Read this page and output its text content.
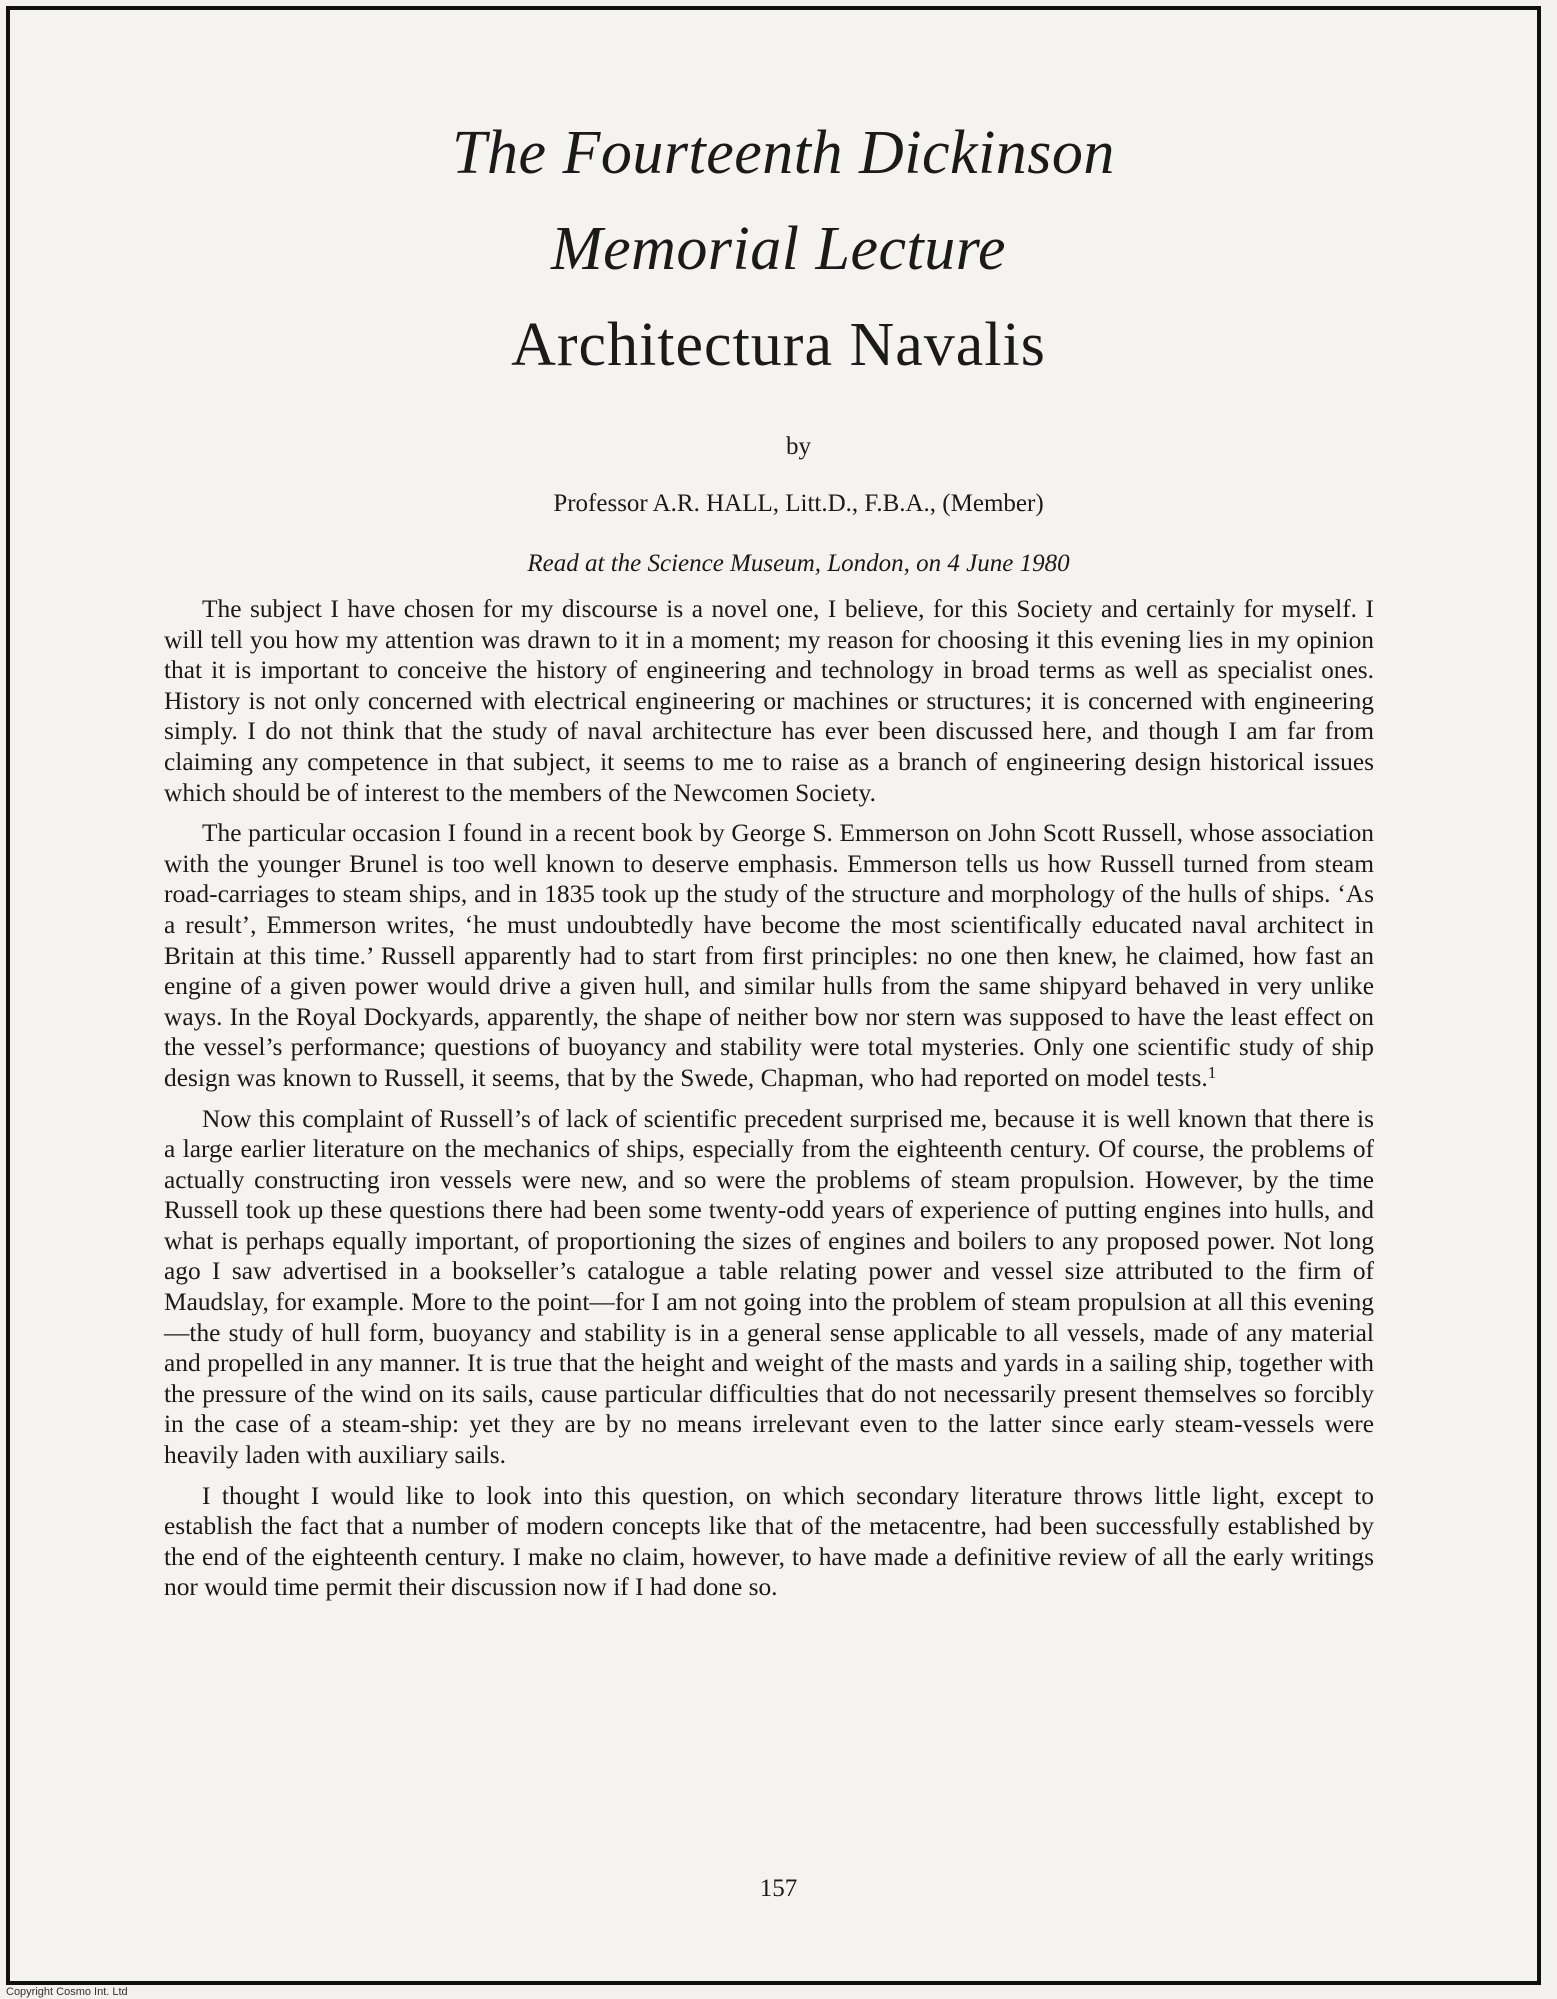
The Fourteenth Dickinson
Memorial Lecture
Architectura Navalis
by
Professor A.R. HALL, Litt.D., F.B.A., (Member)
Read at the Science Museum, London, on 4 June 1980

The subject I have chosen for my discourse is a novel one, I believe, for this Society and certainly for myself. I will tell you how my attention was drawn to it in a moment; my reason for choosing it this evening lies in my opinion that it is important to conceive the history of engineering and technology in broad terms as well as specialist ones. History is not only concerned with electrical engineering or machines or structures; it is concerned with engineering simply. I do not think that the study of naval architecture has ever been discussed here, and though I am far from claiming any competence in that subject, it seems to me to raise as a branch of engineering design historical issues which should be of interest to the members of the Newcomen Society.

The particular occasion I found in a recent book by George S. Emmerson on John Scott Russell, whose association with the younger Brunel is too well known to deserve emphasis. Emmerson tells us how Russell turned from steam road-carriages to steam ships, and in 1835 took up the study of the structure and morphology of the hulls of ships. ‘As a result’, Emmerson writes, ‘he must undoubtedly have become the most scientifically educated naval architect in Britain at this time.’ Russell apparently had to start from first principles: no one then knew, he claimed, how fast an engine of a given power would drive a given hull, and similar hulls from the same shipyard behaved in very unlike ways. In the Royal Dockyards, apparently, the shape of neither bow nor stern was supposed to have the least effect on the vessel’s performance; questions of buoyancy and stability were total mysteries. Only one scientific study of ship design was known to Russell, it seems, that by the Swede, Chapman, who had reported on model tests.$^1$

Now this complaint of Russell’s of lack of scientific precedent surprised me, because it is well known that there is a large earlier literature on the mechanics of ships, especially from the eighteenth century. Of course, the problems of actually constructing iron vessels were new, and so were the problems of steam propulsion. However, by the time Russell took up these questions there had been some twenty-odd years of experience of putting engines into hulls, and what is perhaps equally important, of proportioning the sizes of engines and boilers to any proposed power. Not long ago I saw advertised in a bookseller’s catalogue a table relating power and vessel size attributed to the firm of Maudslay, for example. More to the point—for I am not going into the problem of steam propulsion at all this evening—the study of hull form, buoyancy and stability is in a general sense applicable to all vessels, made of any material and propelled in any manner. It is true that the height and weight of the masts and yards in a sailing ship, together with the pressure of the wind on its sails, cause particular difficulties that do not necessarily present themselves so forcibly in the case of a steam-ship: yet they are by no means irrelevant even to the latter since early steam-vessels were heavily laden with auxiliary sails.

I thought I would like to look into this question, on which secondary literature throws little light, except to establish the fact that a number of modern concepts like that of the metacentre, had been successfully established by the end of the eighteenth century. I make no claim, however, to have made a definitive review of all the early writings nor would time permit their discussion now if I had done so.

157
Copyright Cosmo Int. Ltd
